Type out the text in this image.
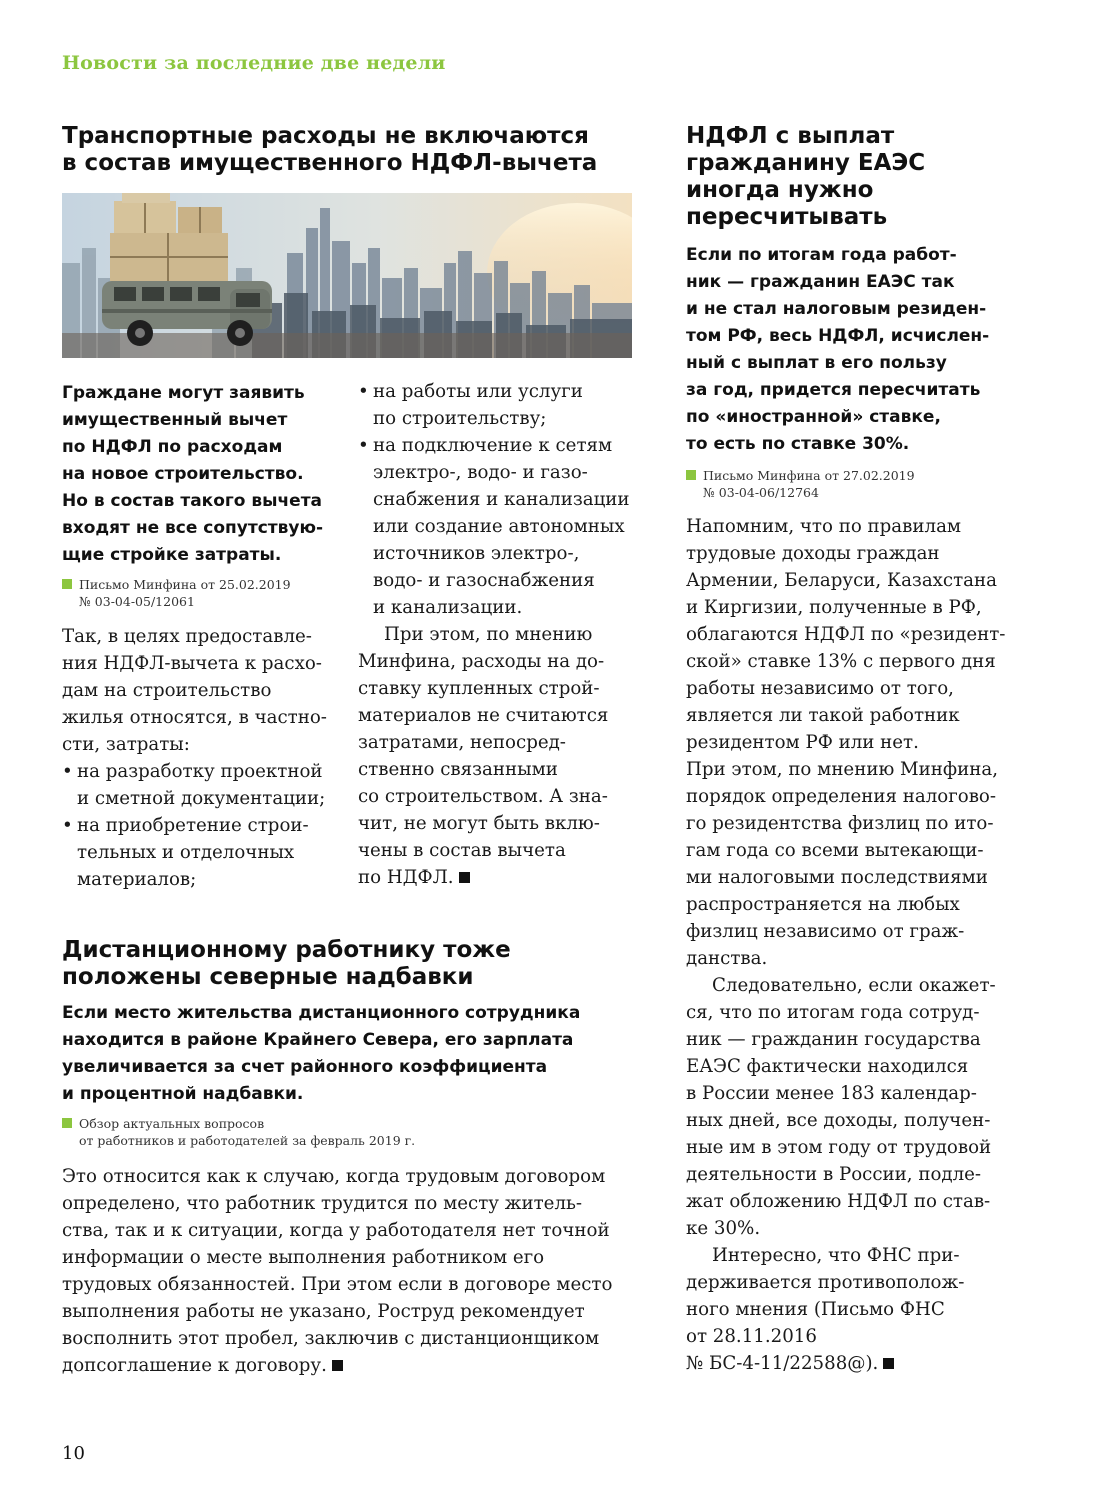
Новости за последние две недели
Транспортные расходы не включаются
в состав имущественного НДФЛ-вычета
Граждане могут заявить
имущественный вычет
по НДФЛ по расходам
на новое строительство.
Но в состав такого вычета
входят не все сопутствую-
щие стройке затраты.
Письмо Минфина от 25.02.2019
№ 03-04-05/12061

Так, в целях предоставле-
ния НДФЛ-вычета к расхо-
дам на строительство
жилья относятся, в частно-
сти, затраты:

• на разработку проектной
и сметной документации;
• на приобретение строи-
тельных и отделочных
материалов;
• на работы или услуги
по строительству;
• на подключение к сетям
электро-, водо- и газо-
снабжения и канализации
или создание автономных
источников электро-,
водо- и газоснабжения
и канализации.

При этом, по мнению
Минфина, расходы на до-
ставку купленных строй-
материалов не считаются
затратами, непосред-
ственно связанными
со строительством. А зна-
чит, не могут быть вклю-
чены в состав вычета
по НДФЛ.

Дистанционному работнику тоже
положены северные надбавки
Если место жительства дистанционного сотрудника
находится в районе Крайнего Севера, его зарплата
увеличивается за счет районного коэффициента
и процентной надбавки.
Обзор актуальных вопросов
от работников и работодателей за февраль 2019 г.

Это относится как к случаю, когда трудовым договором
определено, что работник трудится по месту житель-
ства, так и к ситуации, когда у работодателя нет точной
информации о месте выполнения работником его
трудовых обязанностей. При этом если в договоре место
выполнения работы не указано, Роструд рекомендует
восполнить этот пробел, заключив с дистанционщиком
допсоглашение к договору.

НДФЛ с выплат
гражданину ЕАЭС
иногда нужно
пересчитывать
Если по итогам года работ-
ник — гражданин ЕАЭС так
и не стал налоговым резиден-
том РФ, весь НДФЛ, исчислен-
ный с выплат в его пользу
за год, придется пересчитать
по «иностранной» ставке,
то есть по ставке 30%.
Письмо Минфина от 27.02.2019
№ 03-04-06/12764

Напомним, что по правилам
трудовые доходы граждан
Армении, Беларуси, Казахстана
и Киргизии, полученные в РФ,
облагаются НДФЛ по «резидент-
ской» ставке 13% с первого дня
работы независимо от того,
является ли такой работник
резидентом РФ или нет.
При этом, по мнению Минфина,
порядок определения налогово-
го резидентства физлиц по ито-
гам года со всеми вытекающи-
ми налоговыми последствиями
распространяется на любых
физлиц независимо от граж-
данства.

Следовательно, если окажет-
ся, что по итогам года сотруд-
ник — гражданин государства
ЕАЭС фактически находился
в России менее 183 календар-
ных дней, все доходы, получен-
ные им в этом году от трудовой
деятельности в России, подле-
жат обложению НДФЛ по став-
ке 30%.

Интересно, что ФНС при-
держивается противополож-
ного мнения (Письмо ФНС
от 28.11.2016
№ БС-4-11/22588@).

10
